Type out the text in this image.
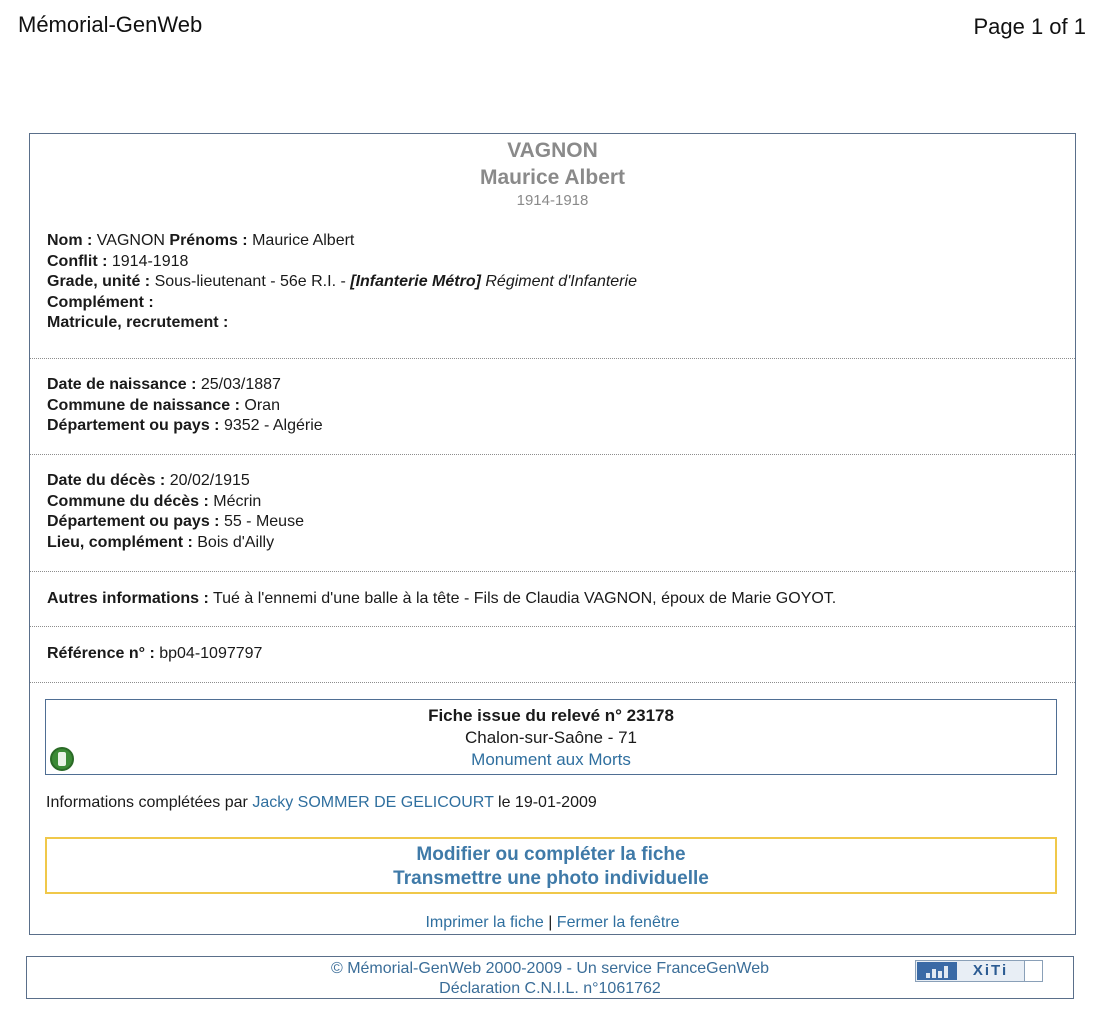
Mémorial-GenWeb	Page 1 of 1
VAGNON
Maurice Albert
1914-1918
Nom : VAGNON Prénoms : Maurice Albert
Conflit : 1914-1918
Grade, unité : Sous-lieutenant - 56e R.I. - [Infanterie Métro] Régiment d'Infanterie
Complément :
Matricule, recrutement :
Date de naissance : 25/03/1887
Commune de naissance : Oran
Département ou pays : 9352 - Algérie
Date du décès : 20/02/1915
Commune du décès : Mécrin
Département ou pays : 55 - Meuse
Lieu, complément : Bois d'Ailly
Autres informations : Tué à l'ennemi d'une balle à la tête - Fils de Claudia VAGNON, époux de Marie GOYOT.
Référence n° : bp04-1097797
Fiche issue du relevé n° 23178
Chalon-sur-Saône - 71
Monument aux Morts
Informations complétées par Jacky SOMMER DE GELICOURT le 19-01-2009
Modifier ou compléter la fiche
Transmettre une photo individuelle
Imprimer la fiche | Fermer la fenêtre
© Mémorial-GenWeb 2000-2009 - Un service FranceGenWeb
Déclaration C.N.I.L. n°1061762
XiTi
